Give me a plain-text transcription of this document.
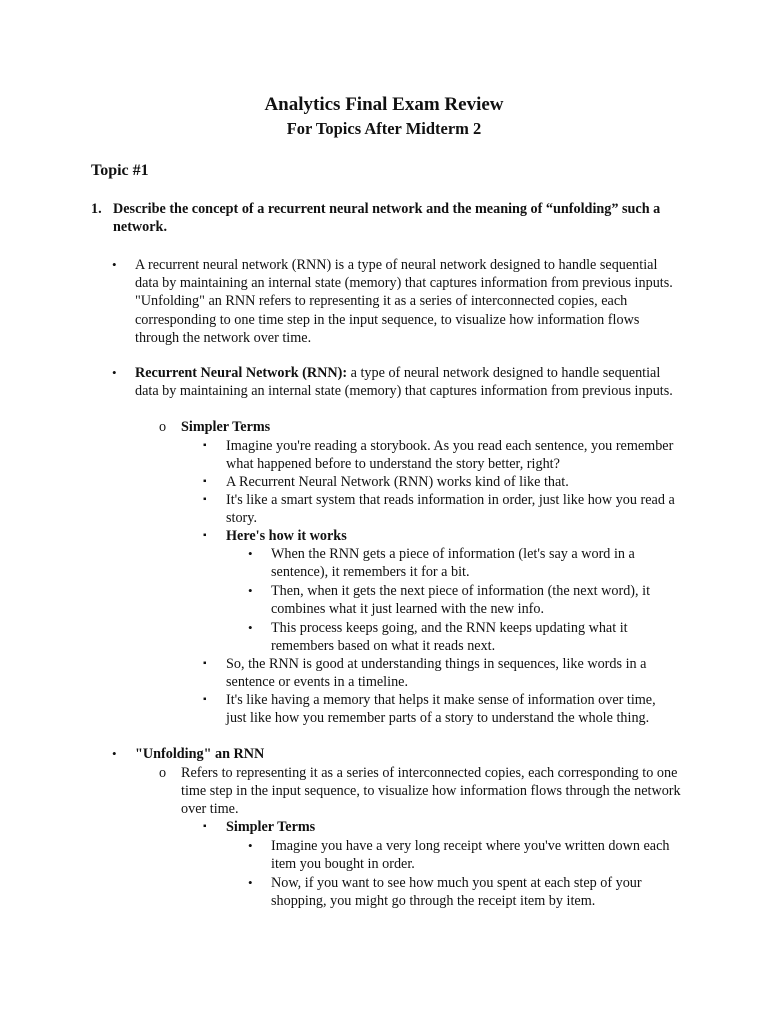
Analytics Final Exam Review
For Topics After Midterm 2
Topic #1
1. Describe the concept of a recurrent neural network and the meaning of “unfolding” such a network.
• A recurrent neural network (RNN) is a type of neural network designed to handle sequential data by maintaining an internal state (memory) that captures information from previous inputs. "Unfolding" an RNN refers to representing it as a series of interconnected copies, each corresponding to one time step in the input sequence, to visualize how information flows through the network over time.
• Recurrent Neural Network (RNN): a type of neural network designed to handle sequential data by maintaining an internal state (memory) that captures information from previous inputs.
o Simpler Terms
▪ Imagine you're reading a storybook. As you read each sentence, you remember what happened before to understand the story better, right?
▪ A Recurrent Neural Network (RNN) works kind of like that.
▪ It's like a smart system that reads information in order, just like how you read a story.
▪ Here's how it works
• When the RNN gets a piece of information (let's say a word in a sentence), it remembers it for a bit.
• Then, when it gets the next piece of information (the next word), it combines what it just learned with the new info.
• This process keeps going, and the RNN keeps updating what it remembers based on what it reads next.
▪ So, the RNN is good at understanding things in sequences, like words in a sentence or events in a timeline.
▪ It's like having a memory that helps it make sense of information over time, just like how you remember parts of a story to understand the whole thing.
• "Unfolding" an RNN
o Refers to representing it as a series of interconnected copies, each corresponding to one time step in the input sequence, to visualize how information flows through the network over time.
▪ Simpler Terms
• Imagine you have a very long receipt where you've written down each item you bought in order.
• Now, if you want to see how much you spent at each step of your shopping, you might go through the receipt item by item.
